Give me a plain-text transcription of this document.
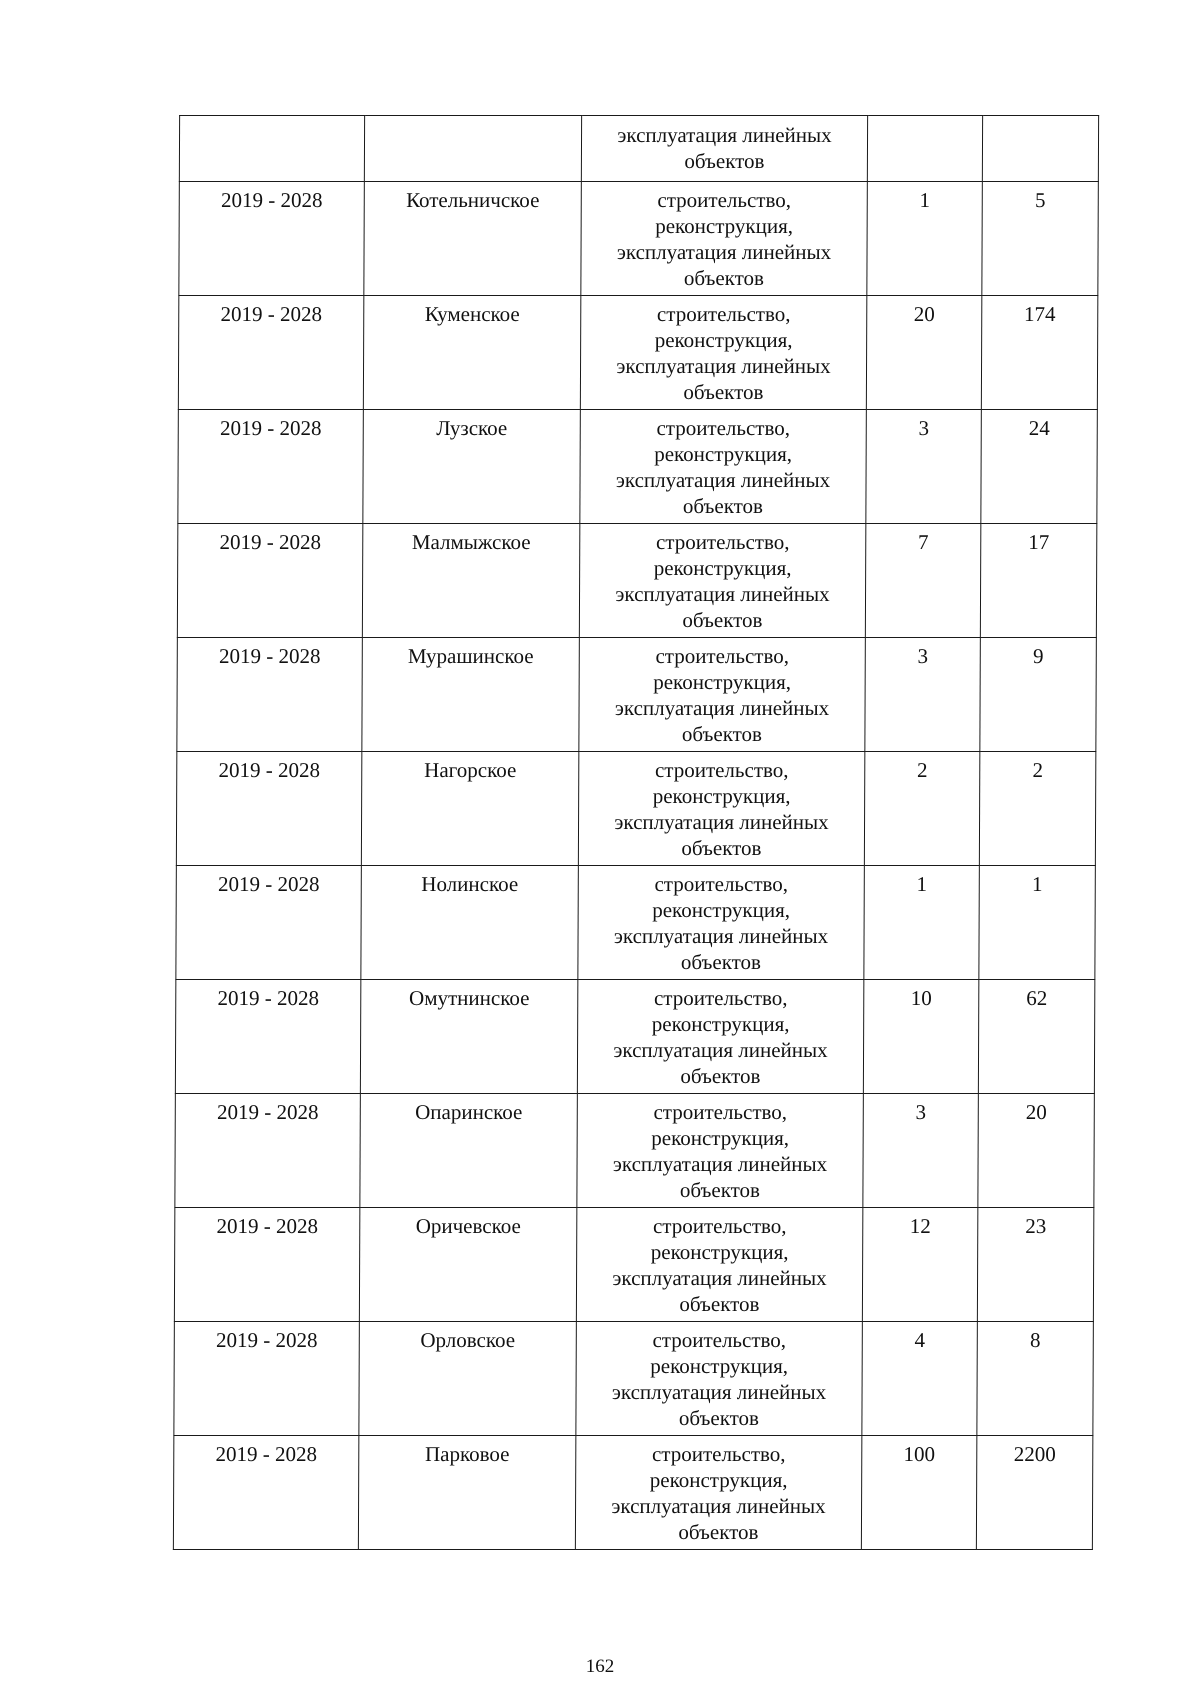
		эксплуатация линейных
объектов		

2019 - 2028	Котельничское	строительство,
реконструкция,
эксплуатация линейных
объектов	1	5

2019 - 2028	Куменское	строительство,
реконструкция,
эксплуатация линейных
объектов	20	174

2019 - 2028	Лузское	строительство,
реконструкция,
эксплуатация линейных
объектов	3	24

2019 - 2028	Малмыжское	строительство,
реконструкция,
эксплуатация линейных
объектов	7	17

2019 - 2028	Мурашинское	строительство,
реконструкция,
эксплуатация линейных
объектов	3	9

2019 - 2028	Нагорское	строительство,
реконструкция,
эксплуатация линейных
объектов	2	2

2019 - 2028	Нолинское	строительство,
реконструкция,
эксплуатация линейных
объектов	1	1

2019 - 2028	Омутнинское	строительство,
реконструкция,
эксплуатация линейных
объектов	10	62

2019 - 2028	Опаринское	строительство,
реконструкция,
эксплуатация линейных
объектов	3	20

2019 - 2028	Оричевское	строительство,
реконструкция,
эксплуатация линейных
объектов	12	23

2019 - 2028	Орловское	строительство,
реконструкция,
эксплуатация линейных
объектов	4	8

2019 - 2028	Парковое	строительство,
реконструкция,
эксплуатация линейных
объектов	100	2200
162
